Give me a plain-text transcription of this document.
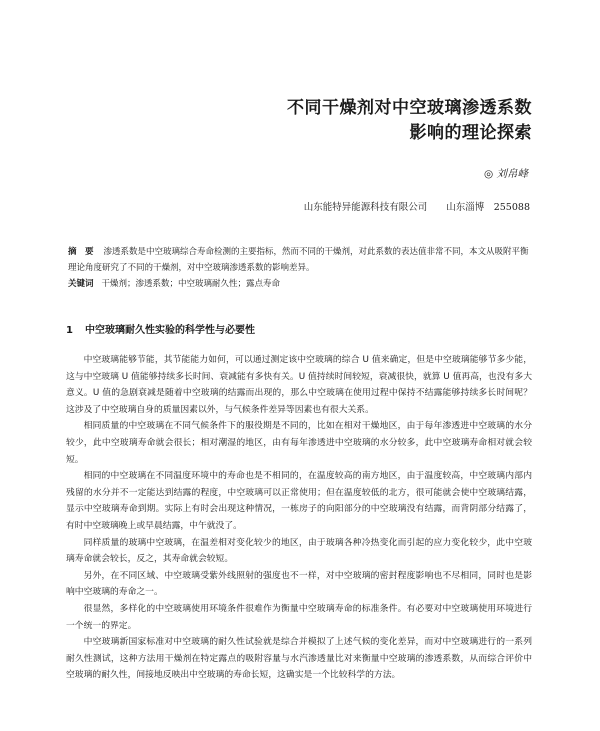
不同干燥剂对中空玻璃渗透系数
影响的理论探索
◎ 刘帛峰
山东能特异能源科技有限公司　　山东淄博　255088
摘　要 渗透系数是中空玻璃综合寿命检测的主要指标，然而不同的干燥剂，对此系数的表达值非常不同，本文从吸附平衡理论角度研究了不同的干燥剂，对中空玻璃渗透系数的影响差异。
关键词 干燥剂；渗透系数；中空玻璃耐久性；露点寿命
1 中空玻璃耐久性实验的科学性与必要性

中空玻璃能够节能，其节能能力如何，可以通过测定该中空玻璃的综合 U 值来确定，但是中空玻璃能够节多少能，这与中空玻璃 U 值能够持续多长时间、衰减能有多快有关。U 值持续时间较短，衰减很快，就算 U 值再高，也没有多大意义。U 值的急剧衰减是随着中空玻璃的结露而出现的，那么中空玻璃在使用过程中保持不结露能够持续多长时间呢？这涉及了中空玻璃自身的质量因素以外，与气候条件差异等因素也有很大关系。

相同质量的中空玻璃在不同气候条件下的服役期是不同的，比如在相对干燥地区，由于每年渗透进中空玻璃的水分较少，此中空玻璃寿命就会很长；相对潮湿的地区，由有每年渗透进中空玻璃的水分较多，此中空玻璃寿命相对就会较短。

相同的中空玻璃在不同温度环境中的寿命也是不相同的，在温度较高的南方地区，由于温度较高，中空玻璃内部内残留的水分并不一定能达到结露的程度，中空玻璃可以正常使用；但在温度较低的北方，很可能就会使中空玻璃结露，显示中空玻璃寿命到期。实际上有时会出现这种情况，一栋房子的向阳部分的中空玻璃没有结露，而背阴部分结露了，有时中空玻璃晚上或早晨结露，中午就没了。

同样质量的玻璃中空玻璃，在温差相对变化较少的地区，由于玻璃各种冷热变化而引起的应力变化较少，此中空玻璃寿命就会较长，反之，其寿命就会较短。

另外，在不同区域、中空玻璃受紫外线照射的强度也不一样，对中空玻璃的密封程度影响也不尽相同，同时也是影响中空玻璃的寿命之一。

很显然，多样化的中空玻璃使用环境条件很难作为衡量中空玻璃寿命的标准条件。有必要对中空玻璃使用环境进行一个统一的界定。

中空玻璃新国家标准对中空玻璃的耐久性试验就是综合并模拟了上述气候的变化差异，而对中空玻璃进行的一系列耐久性测试，这种方法用干燥剂在特定露点的吸附容量与水汽渗透量比对来衡量中空玻璃的渗透系数，从而综合评价中空玻璃的耐久性，间接地反映出中空玻璃的寿命长短，这确实是一个比较科学的方法。
